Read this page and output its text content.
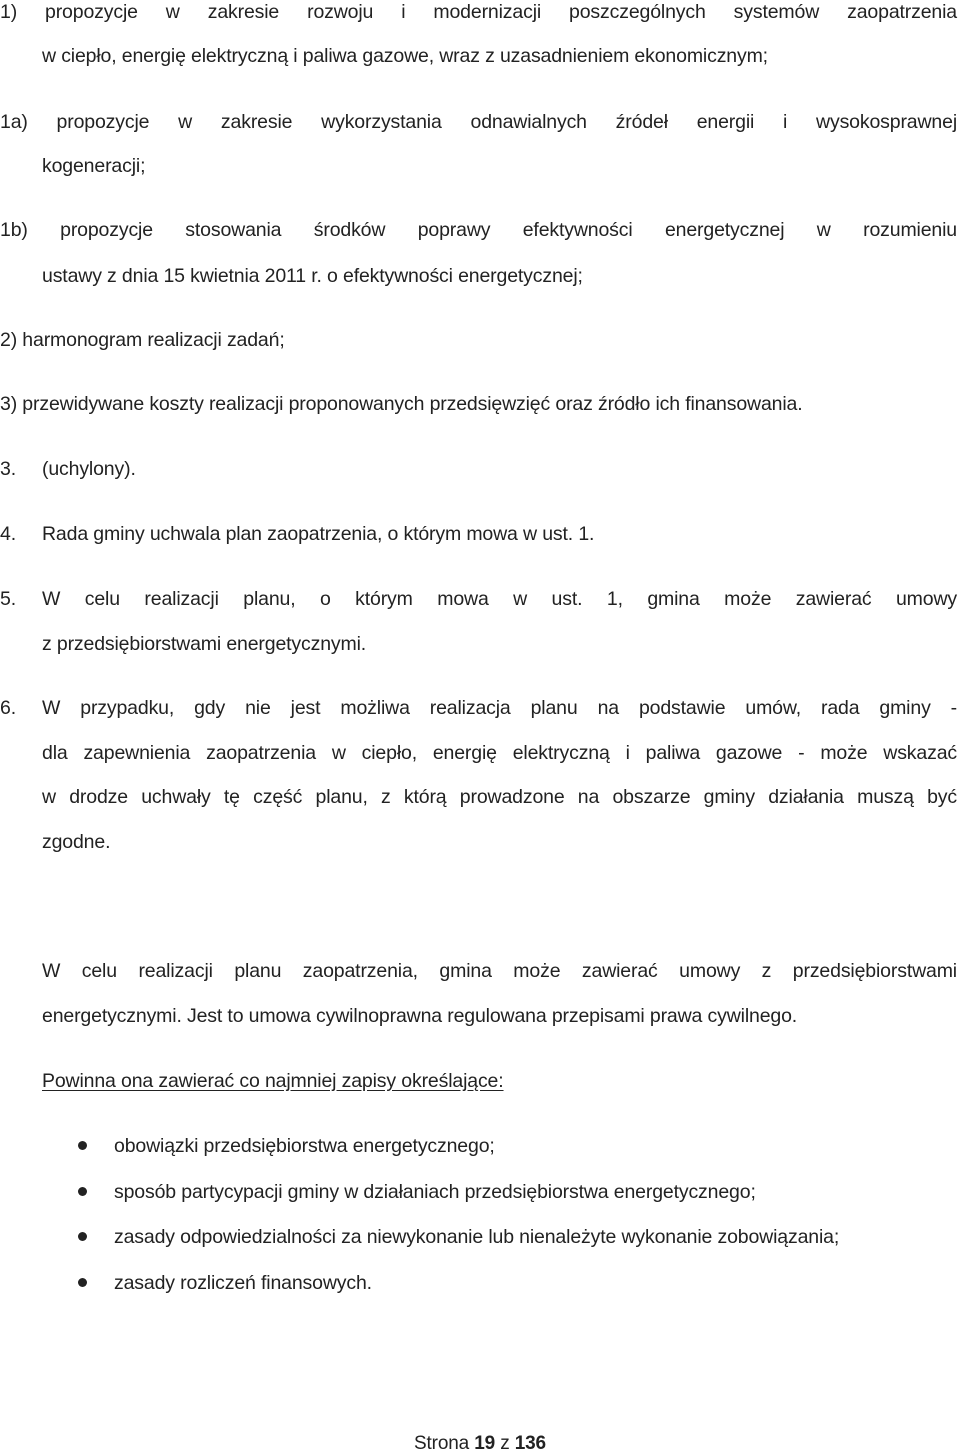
1) propozycje w zakresie rozwoju i modernizacji poszczególnych systemów zaopatrzenia
w ciepło, energię elektryczną i paliwa gazowe, wraz z uzasadnieniem ekonomicznym;
1a) propozycje w zakresie wykorzystania odnawialnych źródeł energii i wysokosprawnej
kogeneracji;
1b) propozycje stosowania środków poprawy efektywności energetycznej w rozumieniu
ustawy z dnia 15 kwietnia 2011 r. o efektywności energetycznej;
2) harmonogram realizacji zadań;
3) przewidywane koszty realizacji proponowanych przedsięwzięć oraz źródło ich finansowania.
3. (uchylony).
4. Rada gminy uchwala plan zaopatrzenia, o którym mowa w ust. 1.
5. W celu realizacji planu, o którym mowa w ust. 1, gmina może zawierać umowy
z przedsiębiorstwami energetycznymi.
6. W przypadku, gdy nie jest możliwa realizacja planu na podstawie umów, rada gminy -
dla zapewnienia zaopatrzenia w ciepło, energię elektryczną i paliwa gazowe - może wskazać
w drodze uchwały tę część planu, z którą prowadzone na obszarze gminy działania muszą być
zgodne.
W celu realizacji planu zaopatrzenia, gmina może zawierać umowy z przedsiębiorstwami
energetycznymi. Jest to umowa cywilnoprawna regulowana przepisami prawa cywilnego.
Powinna ona zawierać co najmniej zapisy określające:
obowiązki przedsiębiorstwa energetycznego;
sposób partycypacji gminy w działaniach przedsiębiorstwa energetycznego;
zasady odpowiedzialności za niewykonanie lub nienależyte wykonanie zobowiązania;
zasady rozliczeń finansowych.
Strona 19 z 136
